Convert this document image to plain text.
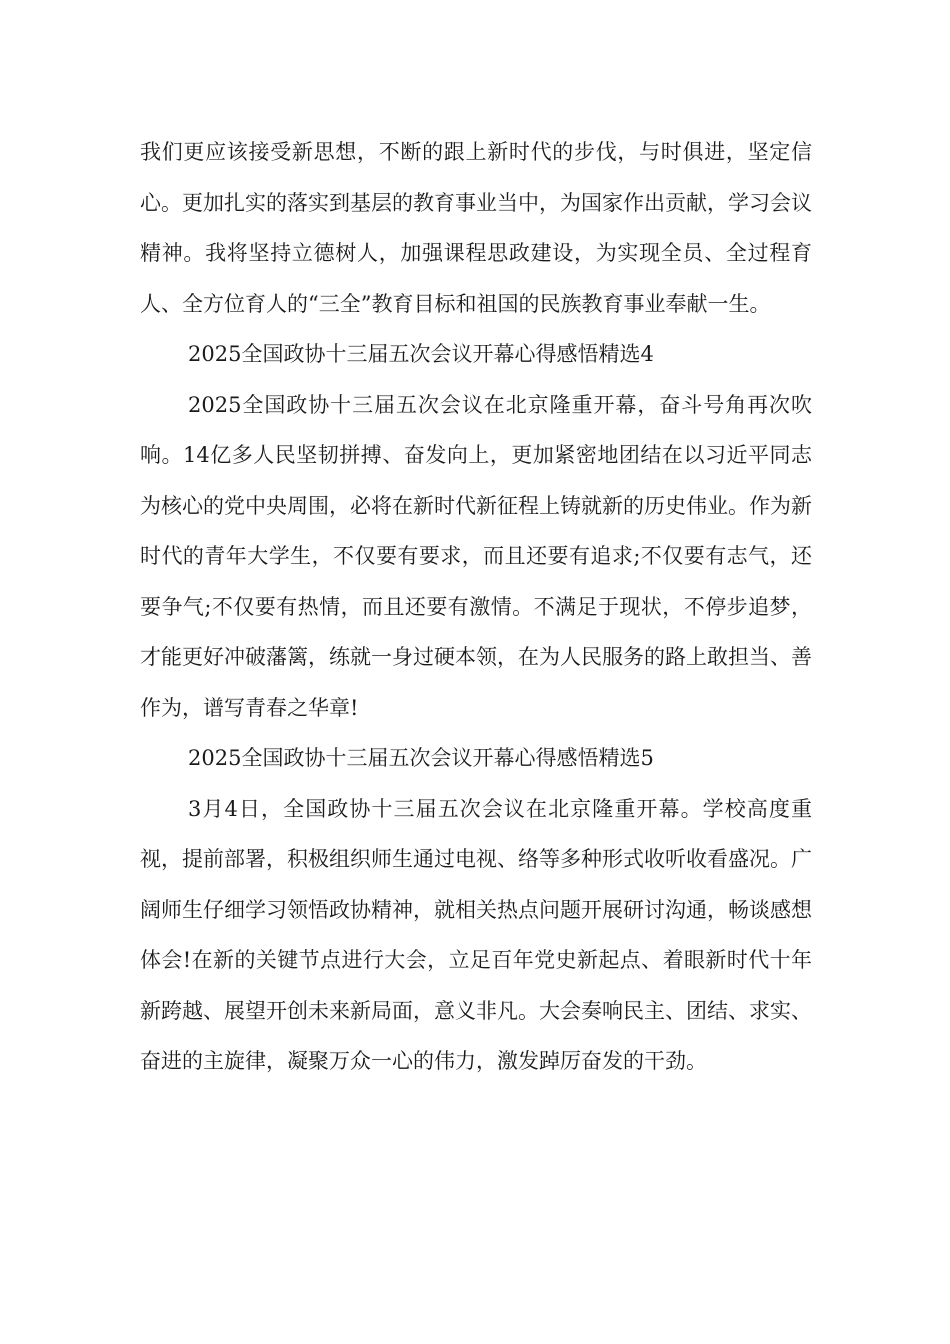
我们更应该接受新思想，不断的跟上新时代的步伐，与时俱进，坚定信心。更加扎实的落实到基层的教育事业当中，为国家作出贡献，学习会议精神。我将坚持立德树人，加强课程思政建设，为实现全员、全过程育人、全方位育人的“三全”教育目标和祖国的民族教育事业奉献一生。

2025全国政协十三届五次会议开幕心得感悟精选4

2025全国政协十三届五次会议在北京隆重开幕，奋斗号角再次吹响。14亿多人民坚韧拼搏、奋发向上，更加紧密地团结在以习近平同志为核心的党中央周围，必将在新时代新征程上铸就新的历史伟业。作为新时代的青年大学生，不仅要有要求，而且还要有追求;不仅要有志气，还要争气;不仅要有热情，而且还要有激情。不满足于现状，不停步追梦，才能更好冲破藩篱，练就一身过硬本领，在为人民服务的路上敢担当、善作为，谱写青春之华章!

2025全国政协十三届五次会议开幕心得感悟精选5

3月4日，全国政协十三届五次会议在北京隆重开幕。学校高度重视，提前部署，积极组织师生通过电视、络等多种形式收听收看盛况。广阔师生仔细学习领悟政协精神，就相关热点问题开展研讨沟通，畅谈感想体会!在新的关键节点进行大会，立足百年党史新起点、着眼新时代十年新跨越、展望开创未来新局面，意义非凡。大会奏响民主、团结、求实、奋进的主旋律，凝聚万众一心的伟力，激发踔厉奋发的干劲。
